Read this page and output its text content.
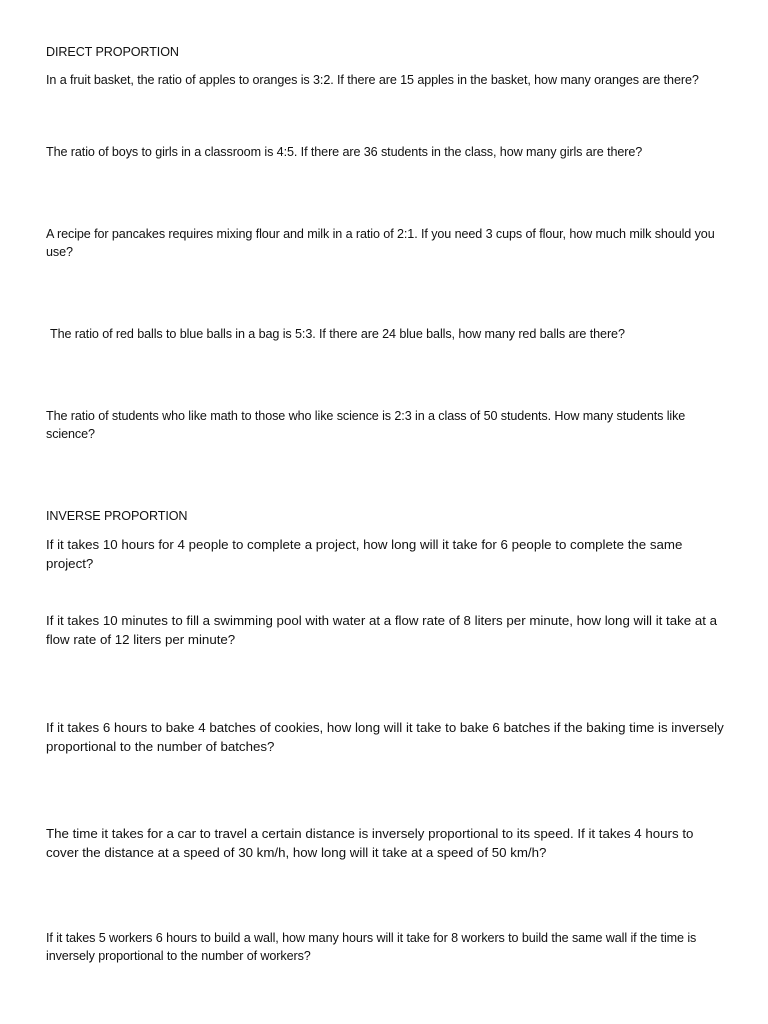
DIRECT PROPORTION

In a fruit basket, the ratio of apples to oranges is 3:2. If there are 15 apples in the basket, how many oranges are there?

The ratio of boys to girls in a classroom is 4:5. If there are 36 students in the class, how many girls are there?

A recipe for pancakes requires mixing flour and milk in a ratio of 2:1. If you need 3 cups of flour, how much milk should you use?

The ratio of red balls to blue balls in a bag is 5:3. If there are 24 blue balls, how many red balls are there?

The ratio of students who like math to those who like science is 2:3 in a class of 50 students. How many students like science?

INVERSE PROPORTION

If it takes 10 hours for 4 people to complete a project, how long will it take for 6 people to complete the same project?

If it takes 10 minutes to fill a swimming pool with water at a flow rate of 8 liters per minute, how long will it take at a flow rate of 12 liters per minute?

If it takes 6 hours to bake 4 batches of cookies, how long will it take to bake 6 batches if the baking time is inversely proportional to the number of batches?

The time it takes for a car to travel a certain distance is inversely proportional to its speed. If it takes 4 hours to cover the distance at a speed of 30 km/h, how long will it take at a speed of 50 km/h?

If it takes 5 workers 6 hours to build a wall, how many hours will it take for 8 workers to build the same wall if the time is inversely proportional to the number of workers?
